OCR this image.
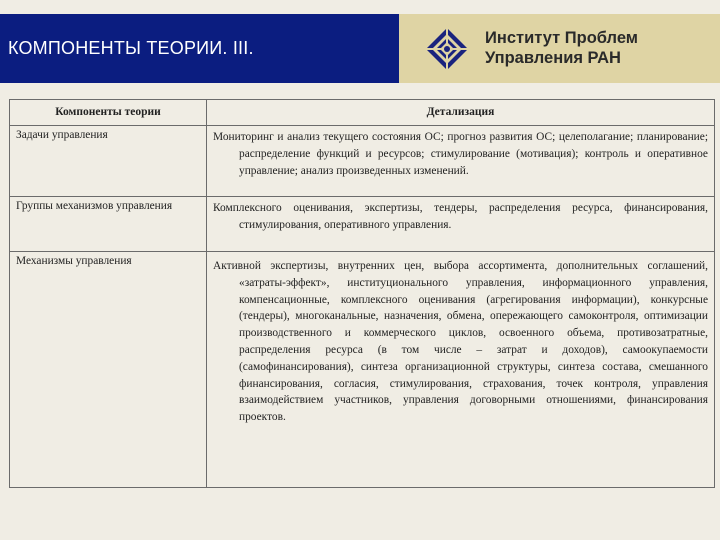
КОМПОНЕНТЫ ТЕОРИИ. III.	Институт Проблем
Управления РАН
Компоненты теории	Детализация
Задачи управления	Мониторинг и анализ текущего состояния ОС; прогноз развития ОС; целеполагание; планирование; распределение функций и ресурсов; стимулирование (мотивация); контроль и оперативное управление; анализ произведенных изменений.

Группы механизмов управления	Комплексного оценивания, экспертизы, тендеры, распределения ресурса, финансирования, стимулирования, оперативного управления.

Механизмы управления	Активной экспертизы, внутренних цен, выбора ассортимента, дополнительных соглашений, «затраты-эффект», институционального управления, информационного управления, компенсационные, комплексного оценивания (агрегирования информации), конкурсные (тендеры), многоканальные, назначения, обмена, опережающего самоконтроля, оптимизации производственного и коммерческого циклов, освоенного объема, противозатратные, распределения ресурса (в том числе – затрат и доходов), самоокупаемости (самофинансирования), синтеза организационной структуры, синтеза состава, смешанного финансирования, согласия, стимулирования, страхования, точек контроля, управления взаимодействием участников, управления договорными отношениями, финансирования проектов.
